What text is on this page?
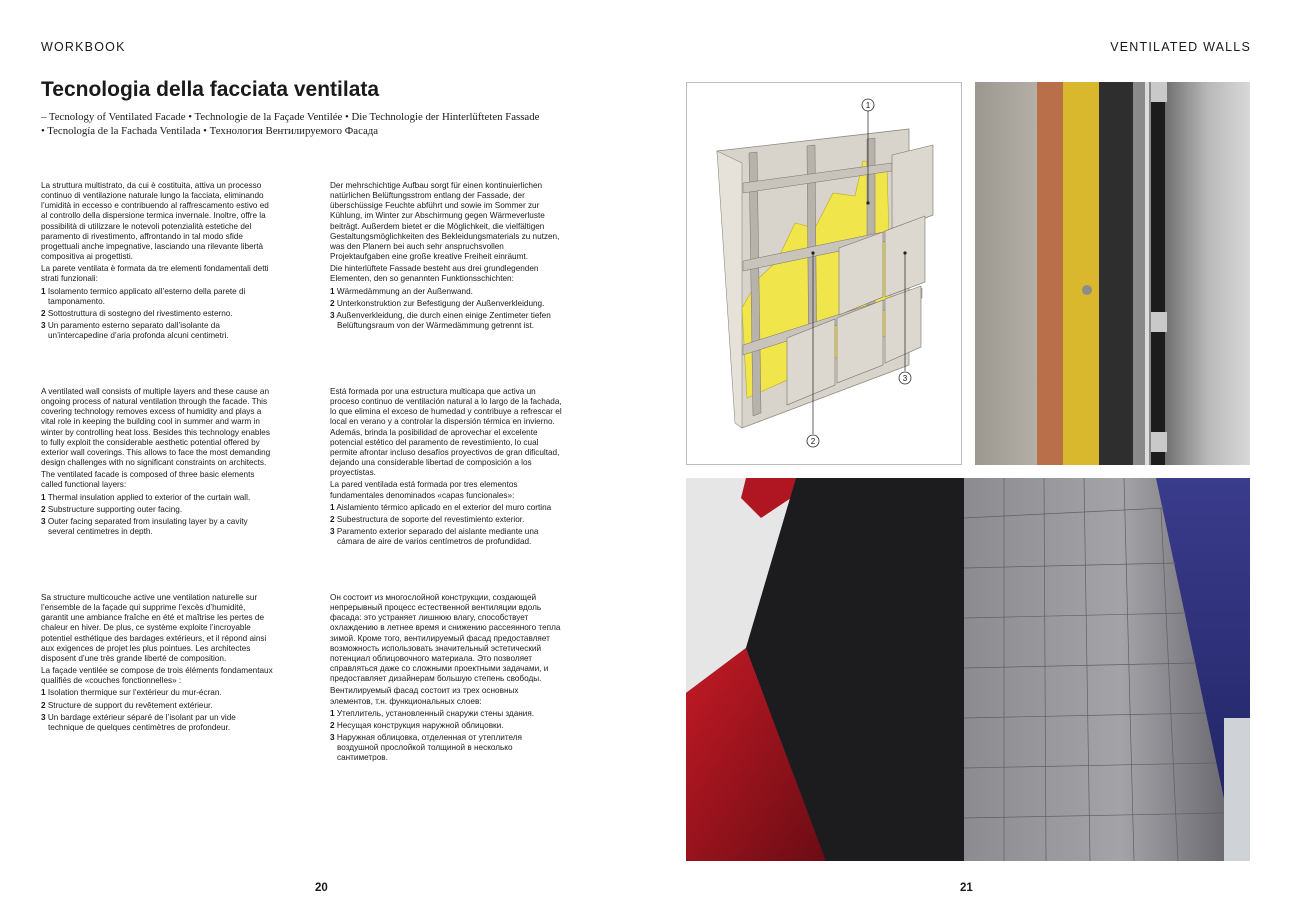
WORKBOOK	VENTILATED WALLS
Tecnologia della facciata ventilata
– Tecnology of Ventilated Facade • Technologie de la Façade Ventilée • Die Technologie der Hinterlüfteten Fassade
• Tecnología de la Fachada Ventilada • Технология Вентилируемого Фасада

La struttura multistrato, da cui è costituita, attiva un processo continuo di ventilazione naturale lungo la facciata, eliminando l’umidità in eccesso e contribuendo al raffrescamento estivo ed al controllo della dispersione termica invernale. Inoltre, offre la possibilità di utilizzare le notevoli potenzialità estetiche del paramento di rivestimento, affrontando in tal modo sfide progettuali anche impegnative, lasciando una rilevante libertà compositiva ai progettisti.

La parete ventilata è formata da tre elementi fondamentali detti strati funzionali:

1 Isolamento termico applicato all’esterno della parete di tamponamento.
2 Sottostruttura di sostegno del rivestimento esterno.
3 Un paramento esterno separato dall’isolante da un’intercapedine d’aria profonda alcuni centimetri.

Der mehrschichtige Aufbau sorgt für einen kontinuierlichen natürlichen Belüftungsstrom entlang der Fassade, der überschüssige Feuchte abführt und sowie im Sommer zur Kühlung, im Winter zur Abschirmung gegen Wärmeverluste beiträgt. Außerdem bietet er die Möglichkeit, die vielfältigen Gestaltungsmöglichkeiten des Bekleidungsmaterials zu nutzen, was den Planern bei auch sehr anspruchsvollen Projektaufgaben eine große kreative Freiheit einräumt.

Die hinterlüftete Fassade besteht aus drei grundlegenden Elementen, den so genannten Funktionsschichten:

1 Wärmedämmung an der Außenwand.
2 Unterkonstruktion zur Befestigung der Außenverkleidung.
3 Außenverkleidung, die durch einen einige Zentimeter tiefen Belüftungsraum von der Wärmedämmung getrennt ist.

A ventilated wall consists of multiple layers and these cause an ongoing process of natural ventilation through the facade. This covering technology removes excess of humidity and plays a vital role in keeping the building cool in summer and warm in winter by controlling heat loss. Besides this technology enables to fully exploit the considerable aesthetic potential offered by exterior wall coverings. This allows to face the most demanding design challenges with no significant constraints on architects.

The ventilated facade is composed of three basic elements called functional layers:

1 Thermal insulation applied to exterior of the curtain wall.
2 Substructure supporting outer facing.
3 Outer facing separated from insulating layer by a cavity several centimetres in depth.

Está formada por una estructura multicapa que activa un proceso continuo de ventilación natural a lo largo de la fachada, lo que elimina el exceso de humedad y contribuye a refrescar el local en verano y a controlar la dispersión térmica en invierno. Además, brinda la posibilidad de aprovechar el excelente potencial estético del paramento de revestimiento, lo cual permite afrontar incluso desafíos proyectivos de gran dificultad, dejando una considerable libertad de composición a los proyectistas.

La pared ventilada está formada por tres elementos fundamentales denominados «capas funcionales»:

1 Aislamiento térmico aplicado en el exterior del muro cortina
2 Subestructura de soporte del revestimiento exterior.
3 Paramento exterior separado del aislante mediante una cámara de aire de varios centímetros de profundidad.

Sa structure multicouche active une ventilation naturelle sur l’ensemble de la façade qui supprime l’excès d’humidité, garantit une ambiance fraîche en été et maîtrise les pertes de chaleur en hiver. De plus, ce système exploite l’incroyable potentiel esthétique des bardages extérieurs, et il répond ainsi aux exigences de projet les plus pointues. Les architectes disposent d’une très grande liberté de composition.

La façade ventilée se compose de trois éléments fondamentaux qualifiés de «couches fonctionnelles» :

1 Isolation thermique sur l’extérieur du mur-écran.
2 Structure de support du revêtement extérieur.
3 Un bardage extérieur séparé de l’isolant par un vide technique de quelques centimètres de profondeur.

Он состоит из многослойной конструкции, создающей непрерывный процесс естественной вентиляции вдоль фасада: это устраняет лишнюю влагу, способствует охлаждению в летнее время и снижению рассеянного тепла зимой. Кроме того, вентилируемый фасад предоставляет возможность использовать значительный эстетический потенциал облицовочного материала. Это позволяет справляться даже со сложными проектными задачами, и предоставляет дизайнерам большую степень свободы.

Вентилируемый фасад состоит из трех основных элементов, т.н. функциональных слоев:

1 Утеплитель, установленный снаружи стены здания.
2 Несущая конструкция наружной облицовки.
3 Наружная облицовка, отделенная от утеплителя воздушной прослойкой толщиной в несколько сантиметров.
1
2
3
20	21
